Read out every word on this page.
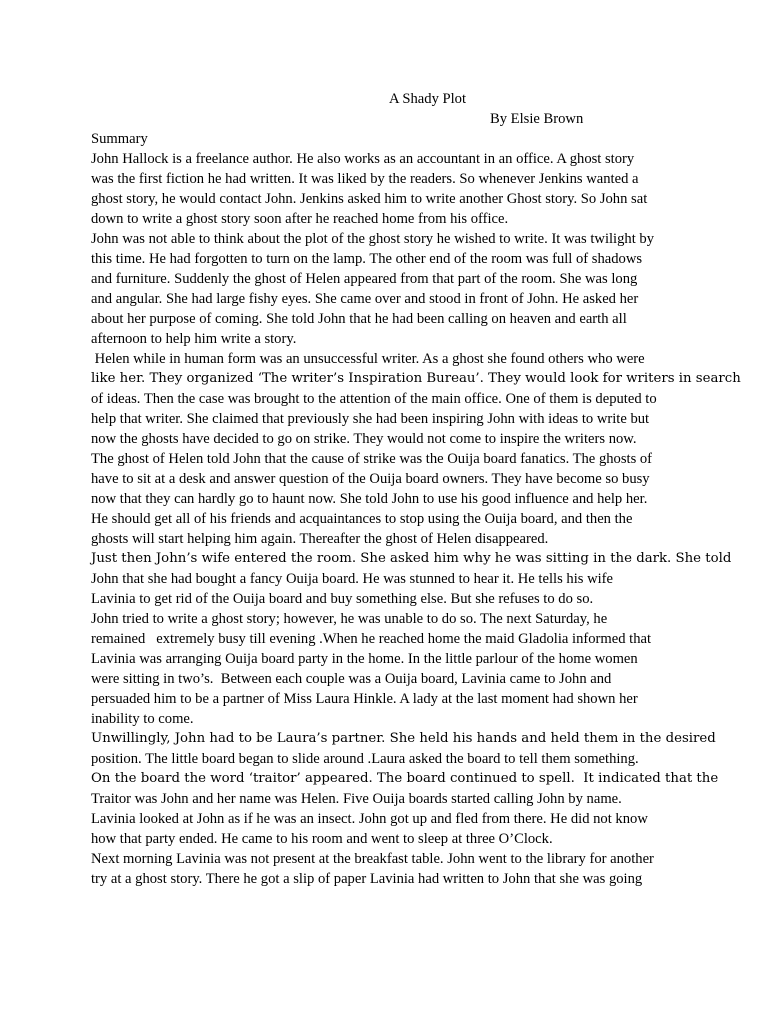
A Shady Plot
By Elsie Brown
Summary
John Hallock is a freelance author. He also works as an accountant in an office. A ghost story
was the first fiction he had written. It was liked by the readers. So whenever Jenkins wanted a
ghost story, he would contact John. Jenkins asked him to write another Ghost story. So John sat
down to write a ghost story soon after he reached home from his office.
John was not able to think about the plot of the ghost story he wished to write. It was twilight by
this time. He had forgotten to turn on the lamp. The other end of the room was full of shadows
and furniture. Suddenly the ghost of Helen appeared from that part of the room. She was long
and angular. She had large fishy eyes. She came over and stood in front of John. He asked her
about her purpose of coming. She told John that he had been calling on heaven and earth all
afternoon to help him write a story.
Helen while in human form was an unsuccessful writer. As a ghost she found others who were
like her. They organized ‘The writer’s Inspiration Bureau’. They would look for writers in search
of ideas. Then the case was brought to the attention of the main office. One of them is deputed to
help that writer. She claimed that previously she had been inspiring John with ideas to write but
now the ghosts have decided to go on strike. They would not come to inspire the writers now.
The ghost of Helen told John that the cause of strike was the Ouija board fanatics. The ghosts of
have to sit at a desk and answer question of the Ouija board owners. They have become so busy
now that they can hardly go to haunt now. She told John to use his good influence and help her.
He should get all of his friends and acquaintances to stop using the Ouija board, and then the
ghosts will start helping him again. Thereafter the ghost of Helen disappeared.
Just then John’s wife entered the room. She asked him why he was sitting in the dark. She told
John that she had bought a fancy Ouija board. He was stunned to hear it. He tells his wife
Lavinia to get rid of the Ouija board and buy something else. But she refuses to do so.
John tried to write a ghost story; however, he was unable to do so. The next Saturday, he
remained   extremely busy till evening .When he reached home the maid Gladolia informed that
Lavinia was arranging Ouija board party in the home. In the little parlour of the home women
were sitting in two’s.  Between each couple was a Ouija board, Lavinia came to John and
persuaded him to be a partner of Miss Laura Hinkle. A lady at the last moment had shown her
inability to come.
Unwillingly, John had to be Laura’s partner. She held his hands and held them in the desired
position. The little board began to slide around .Laura asked the board to tell them something.
On the board the word ‘traitor’ appeared. The board continued to spell.  It indicated that the
Traitor was John and her name was Helen. Five Ouija boards started calling John by name.
Lavinia looked at John as if he was an insect. John got up and fled from there. He did not know
how that party ended. He came to his room and went to sleep at three O’Clock.
Next morning Lavinia was not present at the breakfast table. John went to the library for another
try at a ghost story. There he got a slip of paper Lavinia had written to John that she was going
